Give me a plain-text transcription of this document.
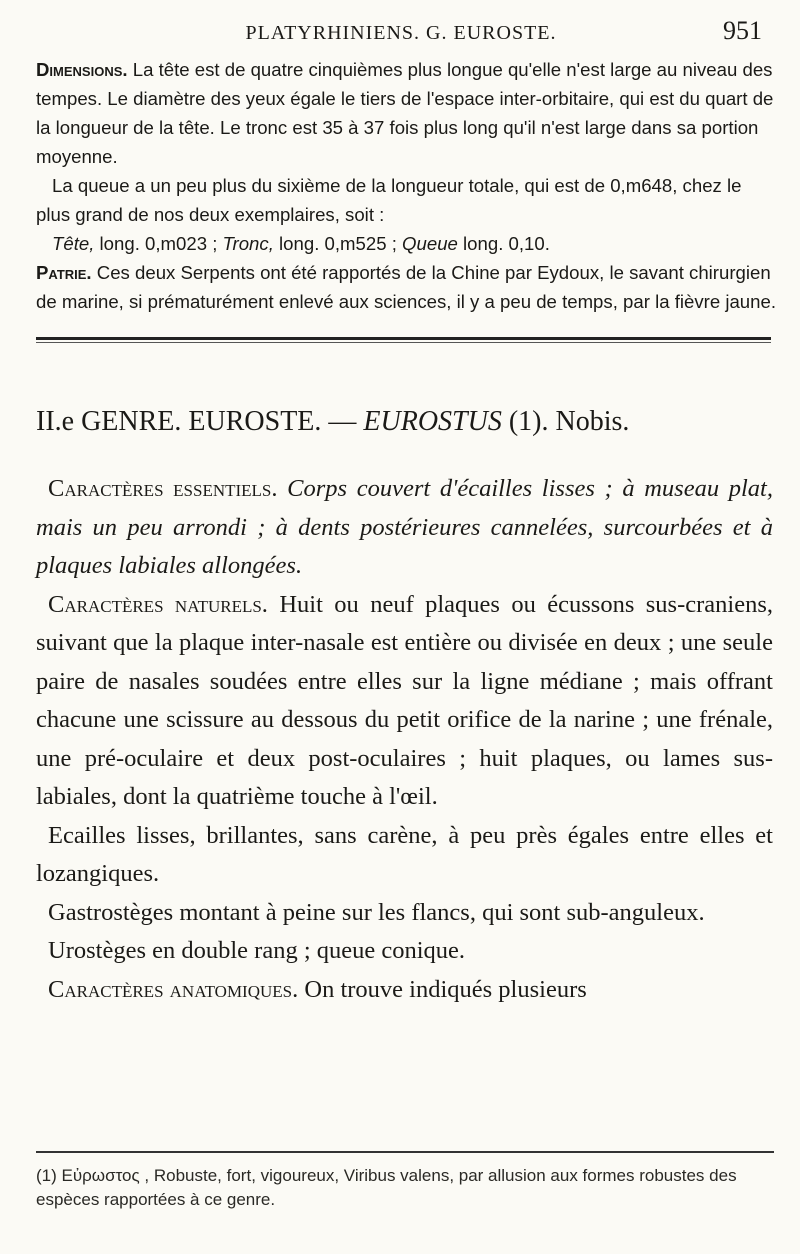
PLATYRHINIENS. G. EUROSTE.	951

Dimensions. La tête est de quatre cinquièmes plus longue qu'elle n'est large au niveau des tempes. Le diamètre des yeux égale le tiers de l'espace inter-orbitaire, qui est du quart de la longueur de la tête. Le tronc est 35 à 37 fois plus long qu'il n'est large dans sa portion moyenne.

La queue a un peu plus du sixième de la longueur totale, qui est de 0,m648, chez le plus grand de nos deux exemplaires, soit :

Tête, long. 0,m023 ; Tronc, long. 0,m525 ; Queue long. 0,10.

Patrie. Ces deux Serpents ont été rapportés de la Chine par Eydoux, le savant chirurgien de marine, si prématurément enlevé aux sciences, il y a peu de temps, par la fièvre jaune.

II.e GENRE. EUROSTE. — EUROSTUS (1). Nobis.

Caractères essentiels. Corps couvert d'écailles lisses ; à museau plat, mais un peu arrondi ; à dents postérieures cannelées, surcourbées et à plaques labiales allongées.

Caractères naturels. Huit ou neuf plaques ou écussons sus-craniens, suivant que la plaque inter-nasale est entière ou divisée en deux ; une seule paire de nasales soudées entre elles sur la ligne médiane ; mais offrant chacune une scissure au dessous du petit orifice de la narine ; une frénale, une pré-oculaire et deux post-oculaires ; huit plaques, ou lames sus-labiales, dont la quatrième touche à l'œil.

Ecailles lisses, brillantes, sans carène, à peu près égales entre elles et lozangiques.

Gastrostèges montant à peine sur les flancs, qui sont sub-anguleux.

Urostèges en double rang ; queue conique.

Caractères anatomiques. On trouve indiqués plusieurs

(1) Εὐρωστος , Robuste, fort, vigoureux, Viribus valens, par allusion aux formes robustes des espèces rapportées à ce genre.
